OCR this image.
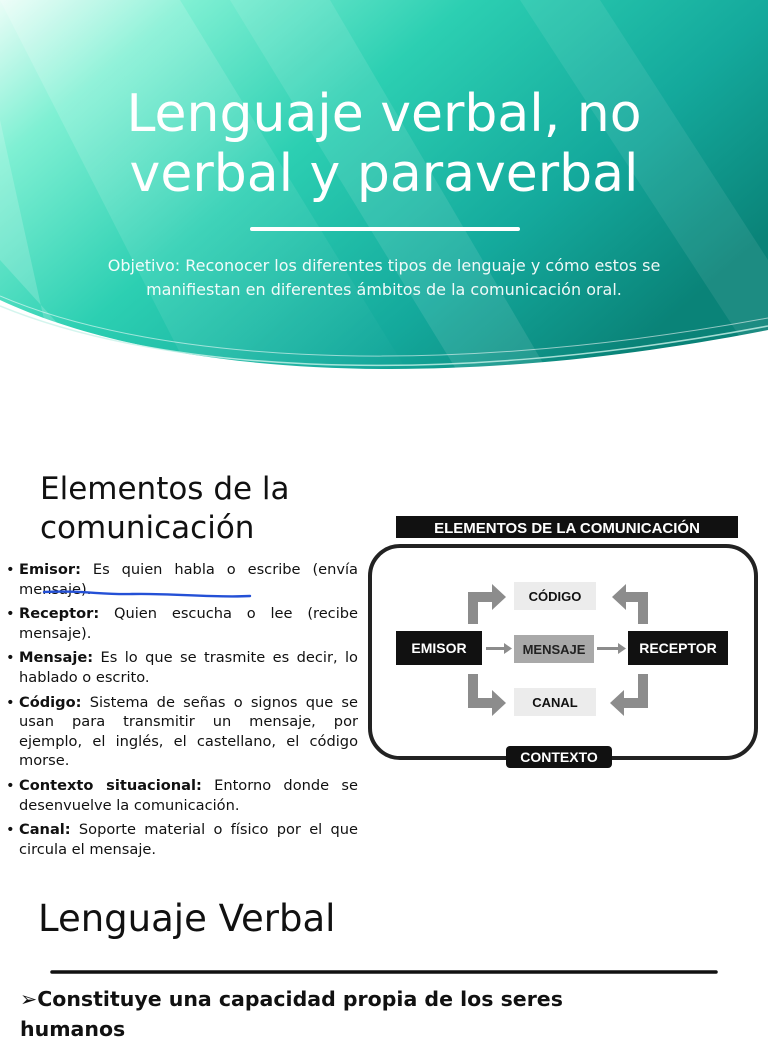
Lenguaje verbal, no verbal y paraverbal

Objetivo: Reconocer los diferentes tipos de lenguaje y cómo estos se manifiestan en diferentes ámbitos de la comunicación oral.

Elementos de la comunicación
• Emisor: Es quien habla o escribe (envía mensaje).
• Receptor: Quien escucha o lee (recibe mensaje).
• Mensaje: Es lo que se trasmite es decir, lo hablado o escrito.
• Código: Sistema de señas o signos que se usan para transmitir un mensaje, por ejemplo, el inglés, el castellano, el código morse.
• Contexto situacional: Entorno donde se desenvuelve la comunicación.
• Canal: Soporte material o físico por el que circula el mensaje.
ELEMENTOS DE LA COMUNICACIÓN
CONTEXTO
EMISOR	RECEPTOR
MENSAJE
CÓDIGO
CANAL
Lenguaje Verbal

➢Constituye una capacidad propia de los seres humanos
